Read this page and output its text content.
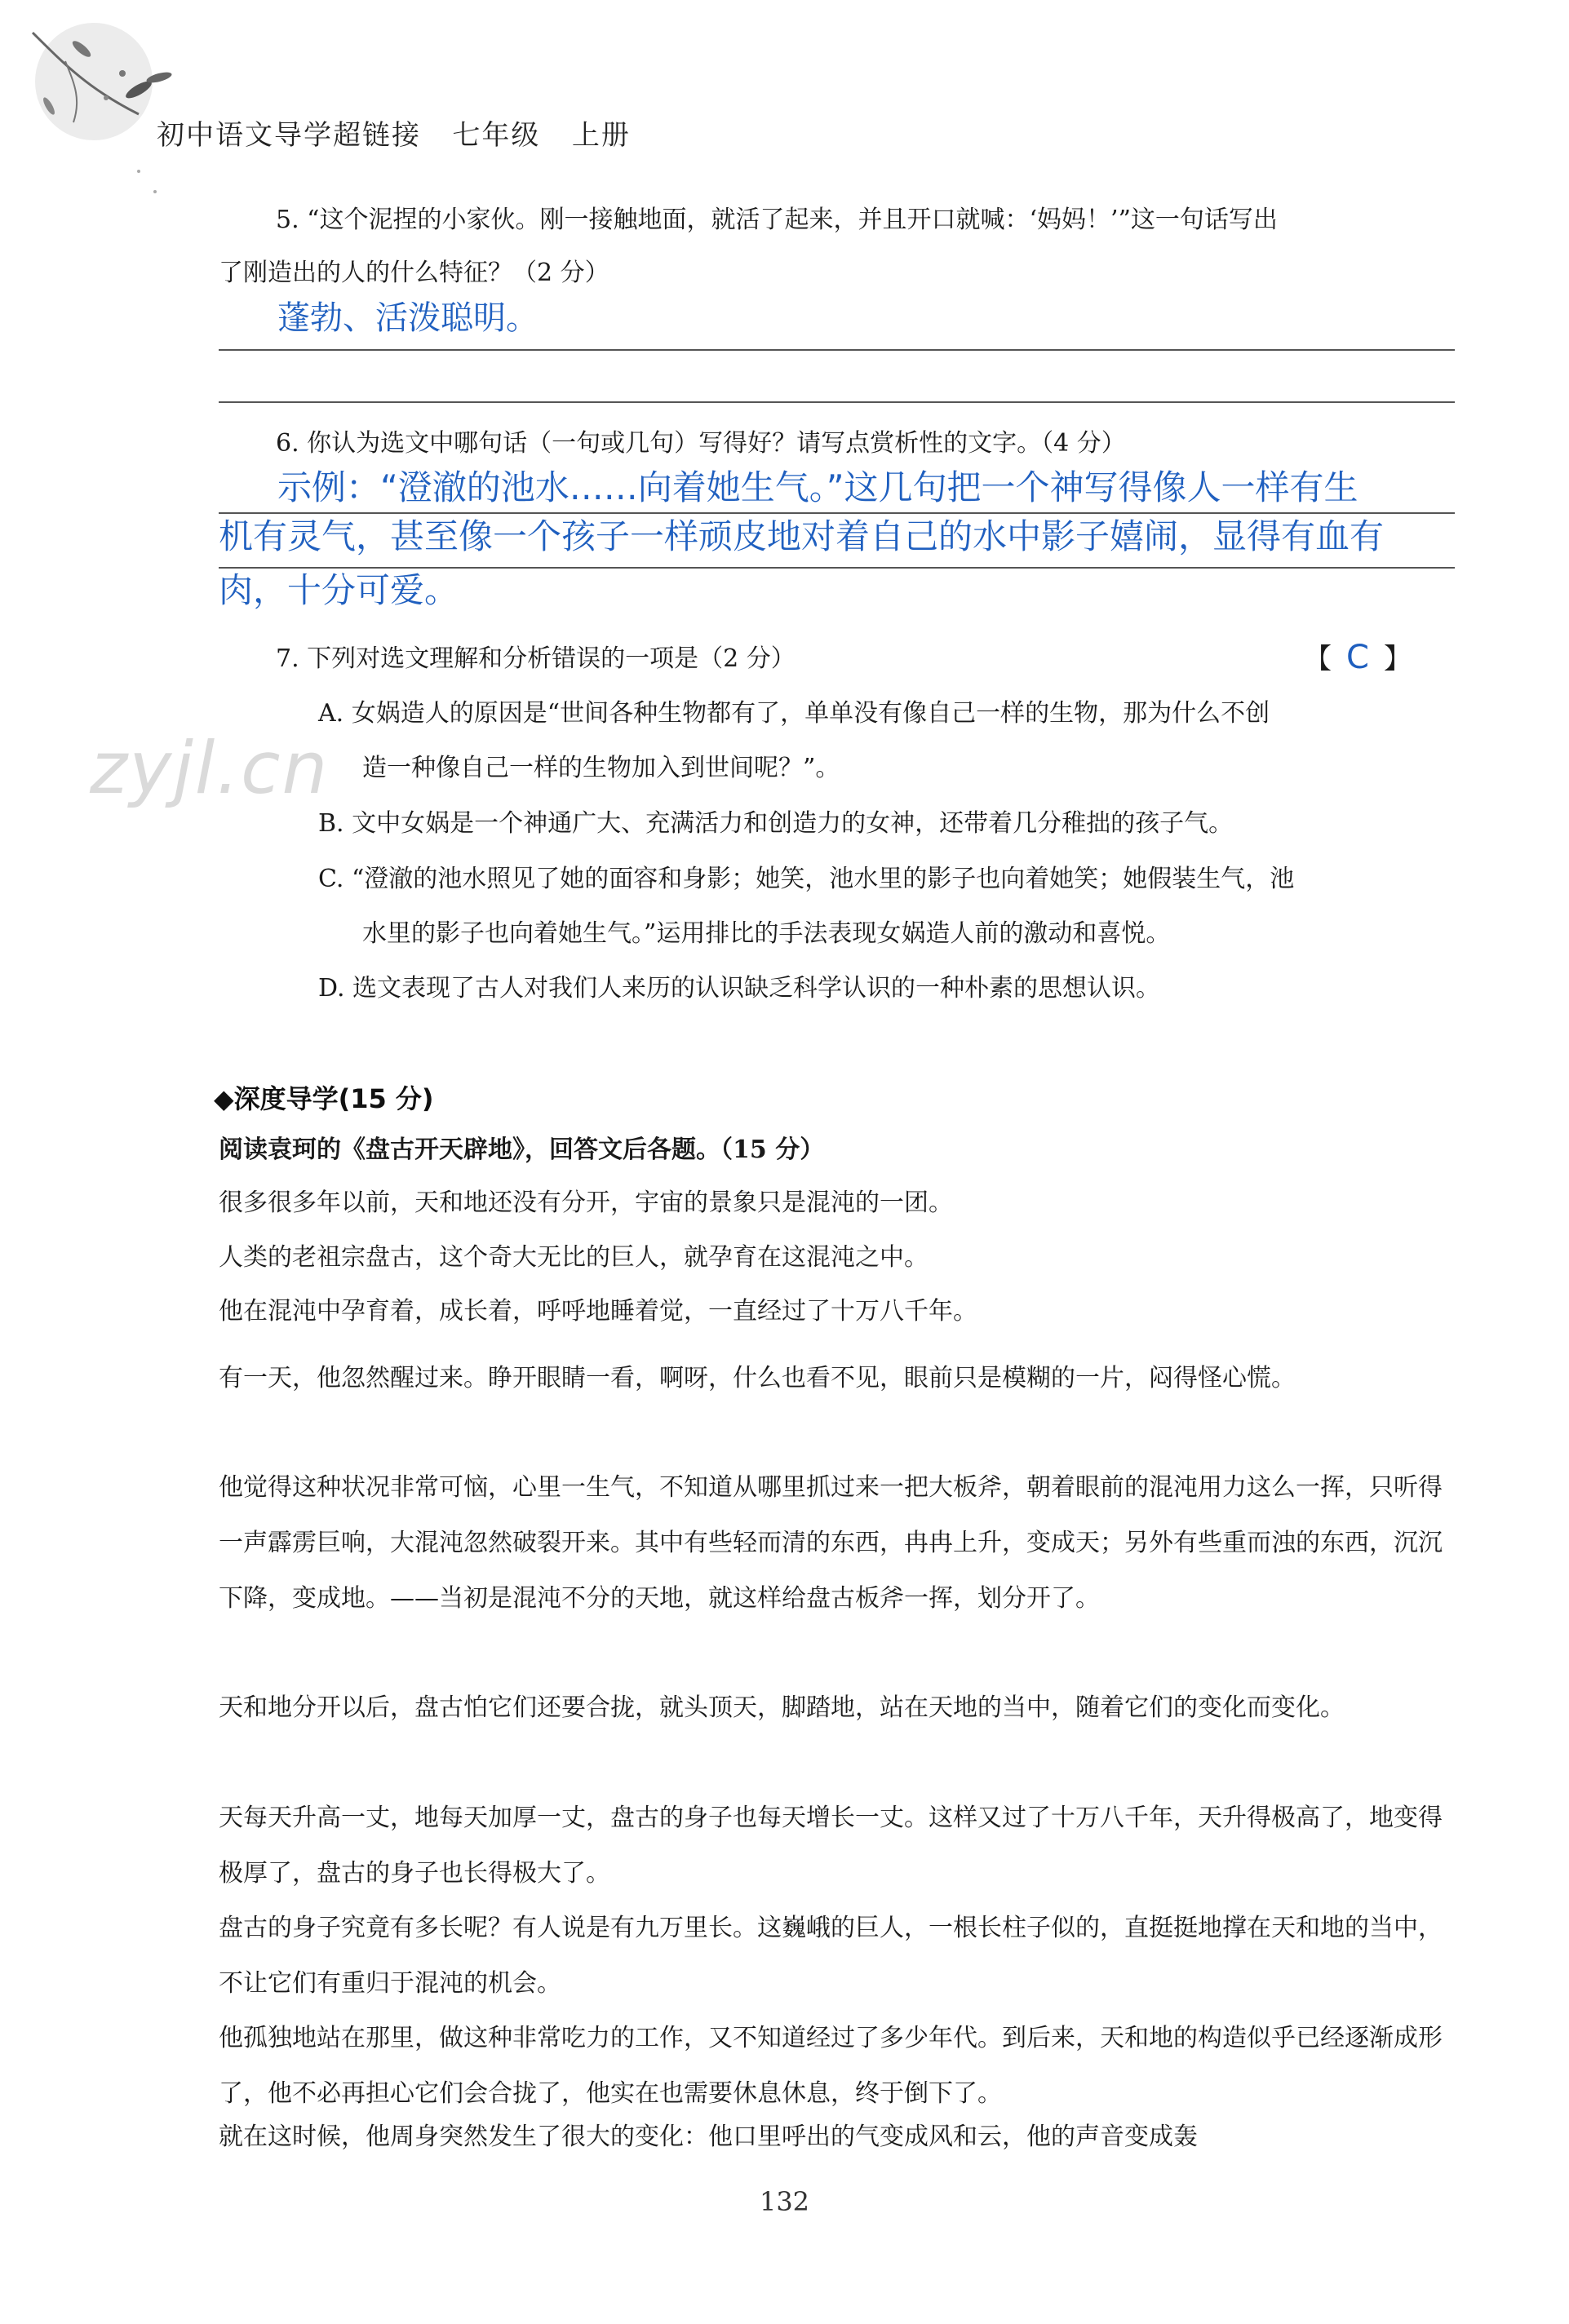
初中语文导学超链接   七年级   上册
5. “这个泥捏的小家伙。刚一接触地面，就活了起来，并且开口就喊：‘妈妈！’”这一句话写出
了刚造出的人的什么特征？（2 分）
蓬勃、活泼聪明。
6. 你认为选文中哪句话（一句或几句）写得好？请写点赏析性的文字。（4 分）
示例：“澄澈的池水……向着她生气。”这几句把一个神写得像人一样有生
机有灵气，甚至像一个孩子一样顽皮地对着自己的水中影子嬉闹，显得有血有
肉，十分可爱。
7. 下列对选文理解和分析错误的一项是（2 分）	【 C 】
zyjl.cn
A. 女娲造人的原因是“世间各种生物都有了，单单没有像自己一样的生物，那为什么不创
造一种像自己一样的生物加入到世间呢？”。
B. 文中女娲是一个神通广大、充满活力和创造力的女神，还带着几分稚拙的孩子气。
C. “澄澈的池水照见了她的面容和身影；她笑，池水里的影子也向着她笑；她假装生气，池
水里的影子也向着她生气。”运用排比的手法表现女娲造人前的激动和喜悦。
D. 选文表现了古人对我们人来历的认识缺乏科学认识的一种朴素的思想认识。
◆深度导学(15 分)
阅读袁珂的《盘古开天辟地》，回答文后各题。（15 分）
很多很多年以前，天和地还没有分开，宇宙的景象只是混沌的一团。
人类的老祖宗盘古，这个奇大无比的巨人，就孕育在这混沌之中。
他在混沌中孕育着，成长着，呼呼地睡着觉，一直经过了十万八千年。
有一天，他忽然醒过来。睁开眼睛一看，啊呀，什么也看不见，眼前只是模糊的一片，闷得怪心慌。
他觉得这种状况非常可恼，心里一生气，不知道从哪里抓过来一把大板斧，朝着眼前的混沌用力这么一挥，只听得一声霹雳巨响，大混沌忽然破裂开来。其中有些轻而清的东西，冉冉上升，变成天；另外有些重而浊的东西，沉沉下降，变成地。——当初是混沌不分的天地，就这样给盘古板斧一挥，划分开了。
天和地分开以后，盘古怕它们还要合拢，就头顶天，脚踏地，站在天地的当中，随着它们的变化而变化。
天每天升高一丈，地每天加厚一丈，盘古的身子也每天增长一丈。这样又过了十万八千年，天升得极高了，地变得极厚了，盘古的身子也长得极大了。
盘古的身子究竟有多长呢？有人说是有九万里长。这巍峨的巨人，一根长柱子似的，直挺挺地撑在天和地的当中，不让它们有重归于混沌的机会。
他孤独地站在那里，做这种非常吃力的工作，又不知道经过了多少年代。到后来，天和地的构造似乎已经逐渐成形了，他不必再担心它们会合拢了，他实在也需要休息休息，终于倒下了。
就在这时候，他周身突然发生了很大的变化：他口里呼出的气变成风和云，他的声音变成轰
132
